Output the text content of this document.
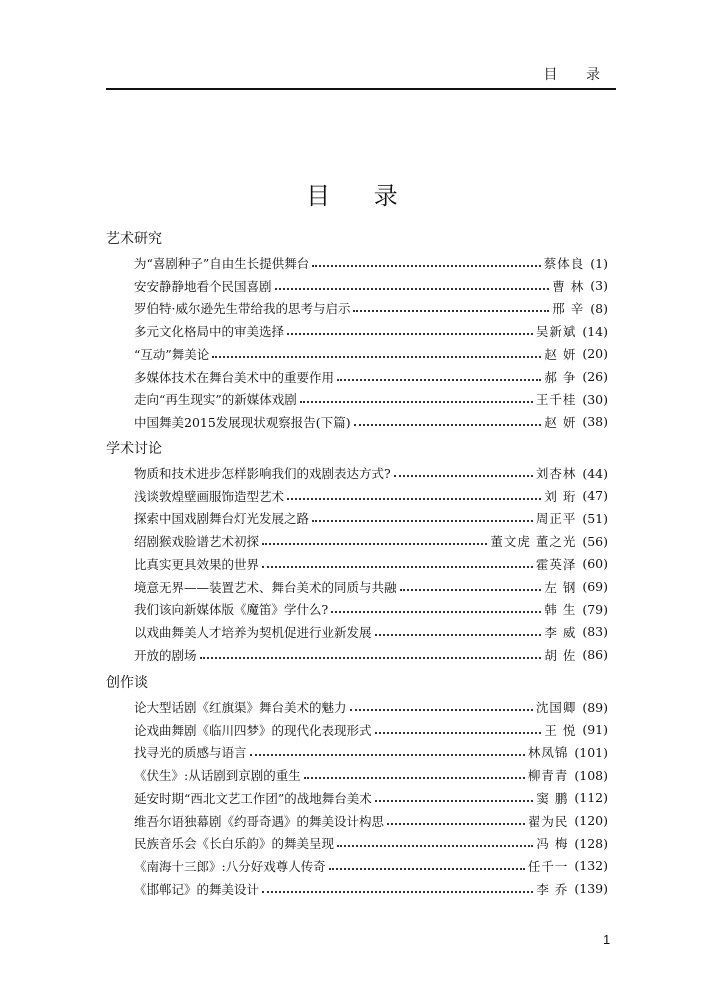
目 录
目 录
艺术研究
为“喜剧种子”自由生长提供舞台	蔡体良 (1)
安安静静地看个民国喜剧	曹 林 (3)
罗伯特·威尔逊先生带给我的思考与启示	邢 辛 (8)
多元文化格局中的审美选择	吴新斌 (14)
“互动”舞美论	赵 妍 (20)
多媒体技术在舞台美术中的重要作用	郝 争 (26)
走向“再生现实”的新媒体戏剧	王千桂 (30)
中国舞美2015发展现状观察报告(下篇)	赵 妍 (38)
学术讨论
物质和技术进步怎样影响我们的戏剧表达方式?	刘杏林 (44)
浅谈敦煌壁画服饰造型艺术	刘 珩 (47)
探索中国戏剧舞台灯光发展之路	周正平 (51)
绍剧猴戏脸谱艺术初探	董文虎 董之光 (56)
比真实更具效果的世界	霍英泽 (60)
境意无界——装置艺术、舞台美术的同质与共融	左 钢 (69)
我们该向新媒体版《魔笛》学什么?	韩 生 (79)
以戏曲舞美人才培养为契机促进行业新发展	李 威 (83)
开放的剧场	胡 佐 (86)
创作谈
论大型话剧《红旗渠》舞台美术的魅力	沈国卿 (89)
论戏曲舞剧《临川四梦》的现代化表现形式	王 悦 (91)
找寻光的质感与语言	林凤锦 (101)
《伏生》:从话剧到京剧的重生	柳青青 (108)
延安时期“西北文艺工作团”的战地舞台美术	窦 鹏 (112)
维吾尔语独幕剧《约哥奇遇》的舞美设计构思	翟为民 (120)
民族音乐会《长白乐韵》的舞美呈现	冯 梅 (128)
《南海十三郎》:八分好戏尊人传奇	任千一 (132)
《邯郸记》的舞美设计	李 乔 (139)
1
